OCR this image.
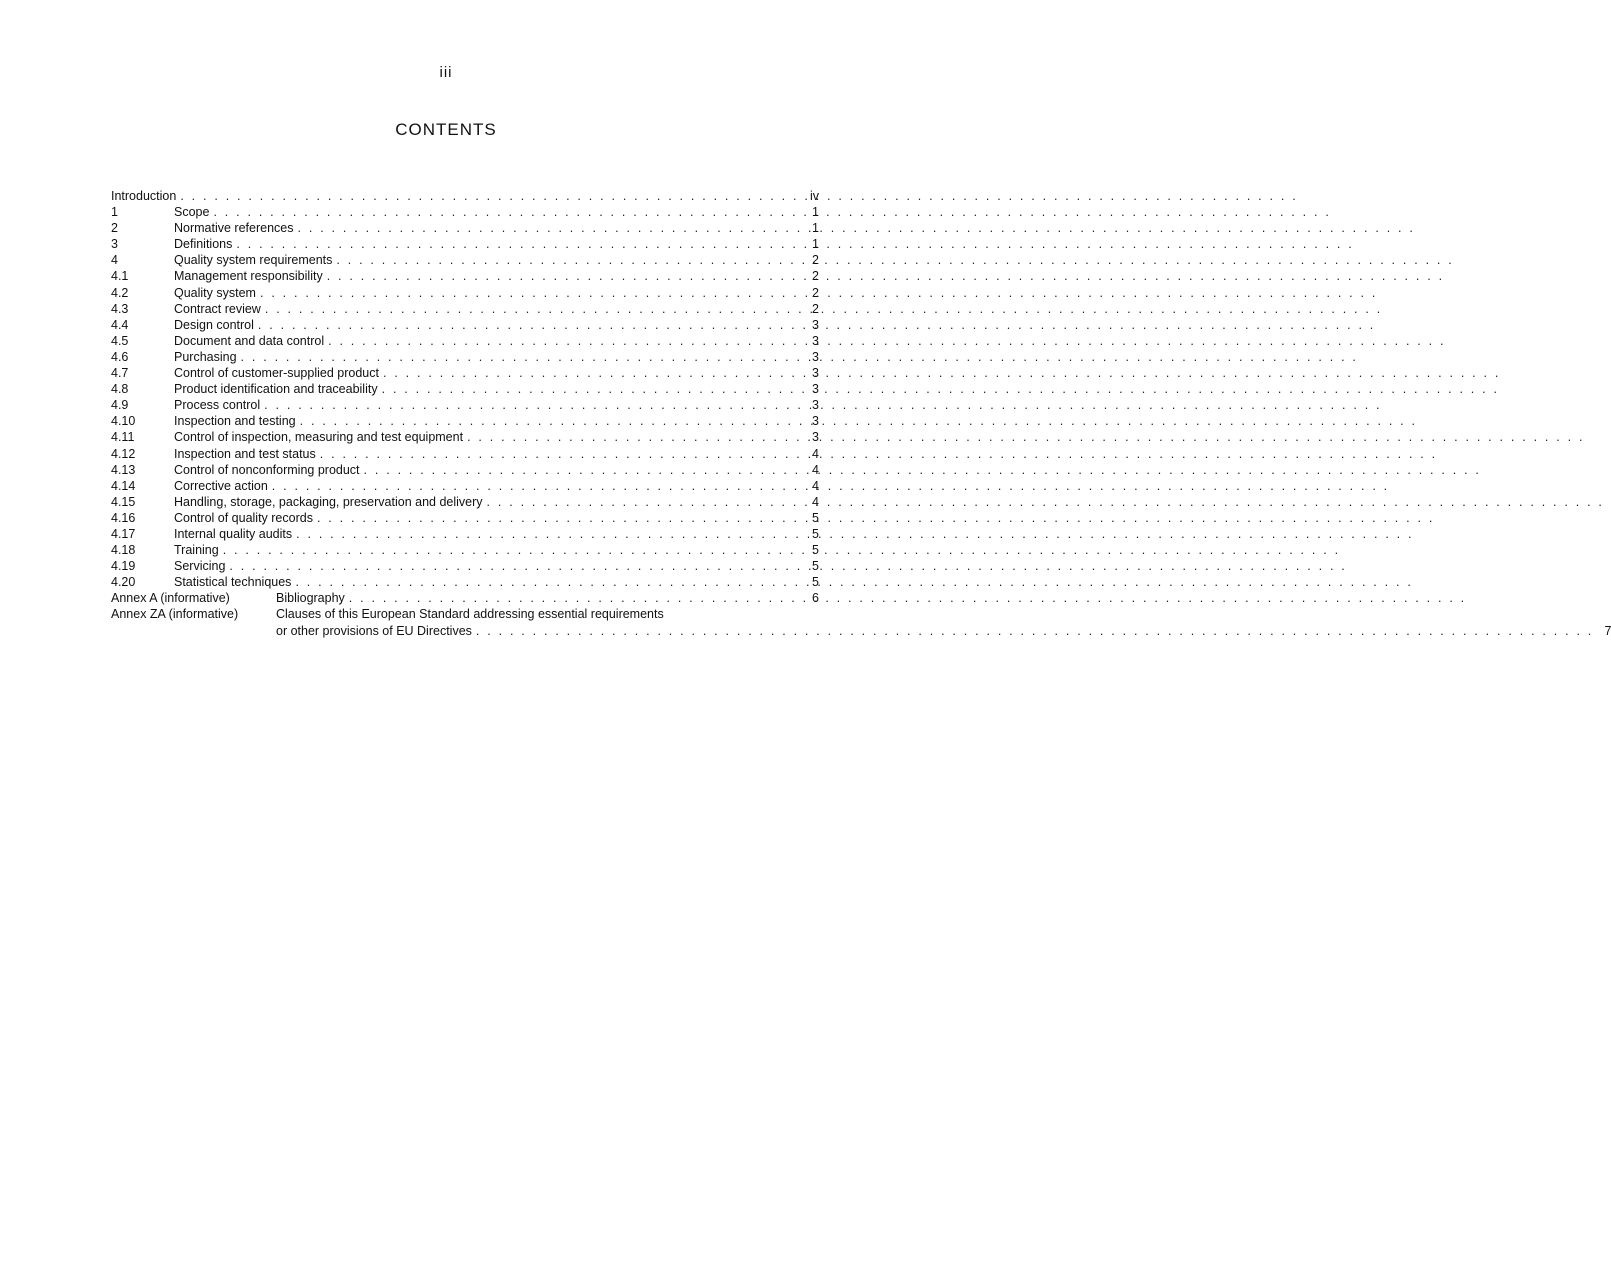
iii
CONTENTS
Introduction . . .	iv
1	Scope . . .	1
2	Normative references . . .	1
3	Definitions . . .	1
4	Quality system requirements . . .	2
4.1	Management responsibility . . .	2
4.2	Quality system . . .	2
4.3	Contract review . . .	2
4.4	Design control . . .	3
4.5	Document and data control . . .	3
4.6	Purchasing . . .	3
4.7	Control of customer-supplied product . . .	3
4.8	Product identification and traceability . . .	3
4.9	Process control . . .	3
4.10	Inspection and testing . . .	3
4.11	Control of inspection, measuring and test equipment . . .	3
4.12	Inspection and test status . . .	4
4.13	Control of nonconforming product . . .	4
4.14	Corrective action . . .	4
4.15	Handling, storage, packaging, preservation and delivery . . .	4
4.16	Control of quality records . . .	5
4.17	Internal quality audits . . .	5
4.18	Training . . .	5
4.19	Servicing . . .	5
4.20	Statistical techniques . . .	5
Annex A (informative)	Bibliography . . .	6
Annex ZA (informative)	Clauses of this European Standard addressing essential requirements
or other provisions of EU Directives . . .	7
